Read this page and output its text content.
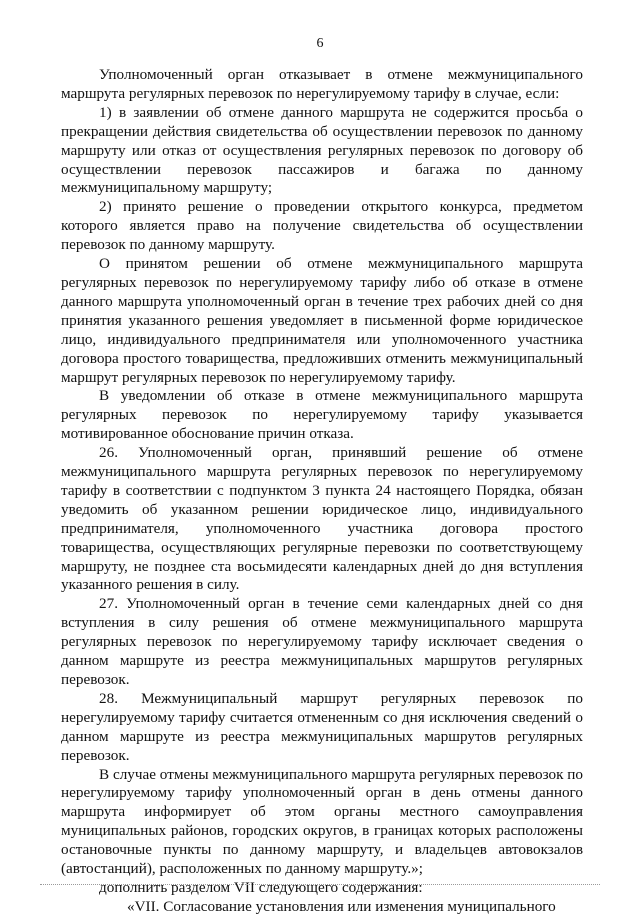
6

Уполномоченный орган отказывает в отмене межмуниципального маршрута регулярных перевозок по нерегулируемому тарифу в случае, если:

1) в заявлении об отмене данного маршрута не содержится просьба о прекращении действия свидетельства об осуществлении перевозок по данному маршруту или отказ от осуществления регулярных перевозок по договору об осуществлении перевозок пассажиров и багажа по данному межмуниципальному маршруту;

2) принято решение о проведении открытого конкурса, предметом которого является право на получение свидетельства об осуществлении перевозок по данному маршруту.

О принятом решении об отмене межмуниципального маршрута регулярных перевозок по нерегулируемому тарифу либо об отказе в отмене данного маршрута уполномоченный орган в течение трех рабочих дней со дня принятия указанного решения уведомляет в письменной форме юридическое лицо, индивидуального предпринимателя или уполномоченного участника договора простого товарищества, предложивших отменить межмуниципальный маршрут регулярных перевозок по нерегулируемому тарифу.

В уведомлении об отказе в отмене межмуниципального маршрута регулярных перевозок по нерегулируемому тарифу указывается мотивированное обоснование причин отказа.

26. Уполномоченный орган, принявший решение об отмене межмуниципального маршрута регулярных перевозок по нерегулируемому тарифу в соответствии с подпунктом 3 пункта 24 настоящего Порядка, обязан уведомить об указанном решении юридическое лицо, индивидуального предпринимателя, уполномоченного участника договора простого товарищества, осуществляющих регулярные перевозки по соответствующему маршруту, не позднее ста восьмидесяти календарных дней до дня вступления указанного решения в силу.

27. Уполномоченный орган в течение семи календарных дней со дня вступления в силу решения об отмене межмуниципального маршрута регулярных перевозок по нерегулируемому тарифу исключает сведения о данном маршруте из реестра межмуниципальных маршрутов регулярных перевозок.

28. Межмуниципальный маршрут регулярных перевозок по нерегулируемому тарифу считается отмененным со дня исключения сведений о данном маршруте из реестра межмуниципальных маршрутов регулярных перевозок.

В случае отмены межмуниципального маршрута регулярных перевозок по нерегулируемому тарифу уполномоченный орган в день отмены данного маршрута информирует об этом органы местного самоуправления муниципальных районов, городских округов, в границах которых расположены остановочные пункты по данному маршруту, и владельцев автовокзалов (автостанций), расположенных по данному маршруту.»;

дополнить разделом VII следующего содержания:

«VII. Согласование установления или изменения муниципального
